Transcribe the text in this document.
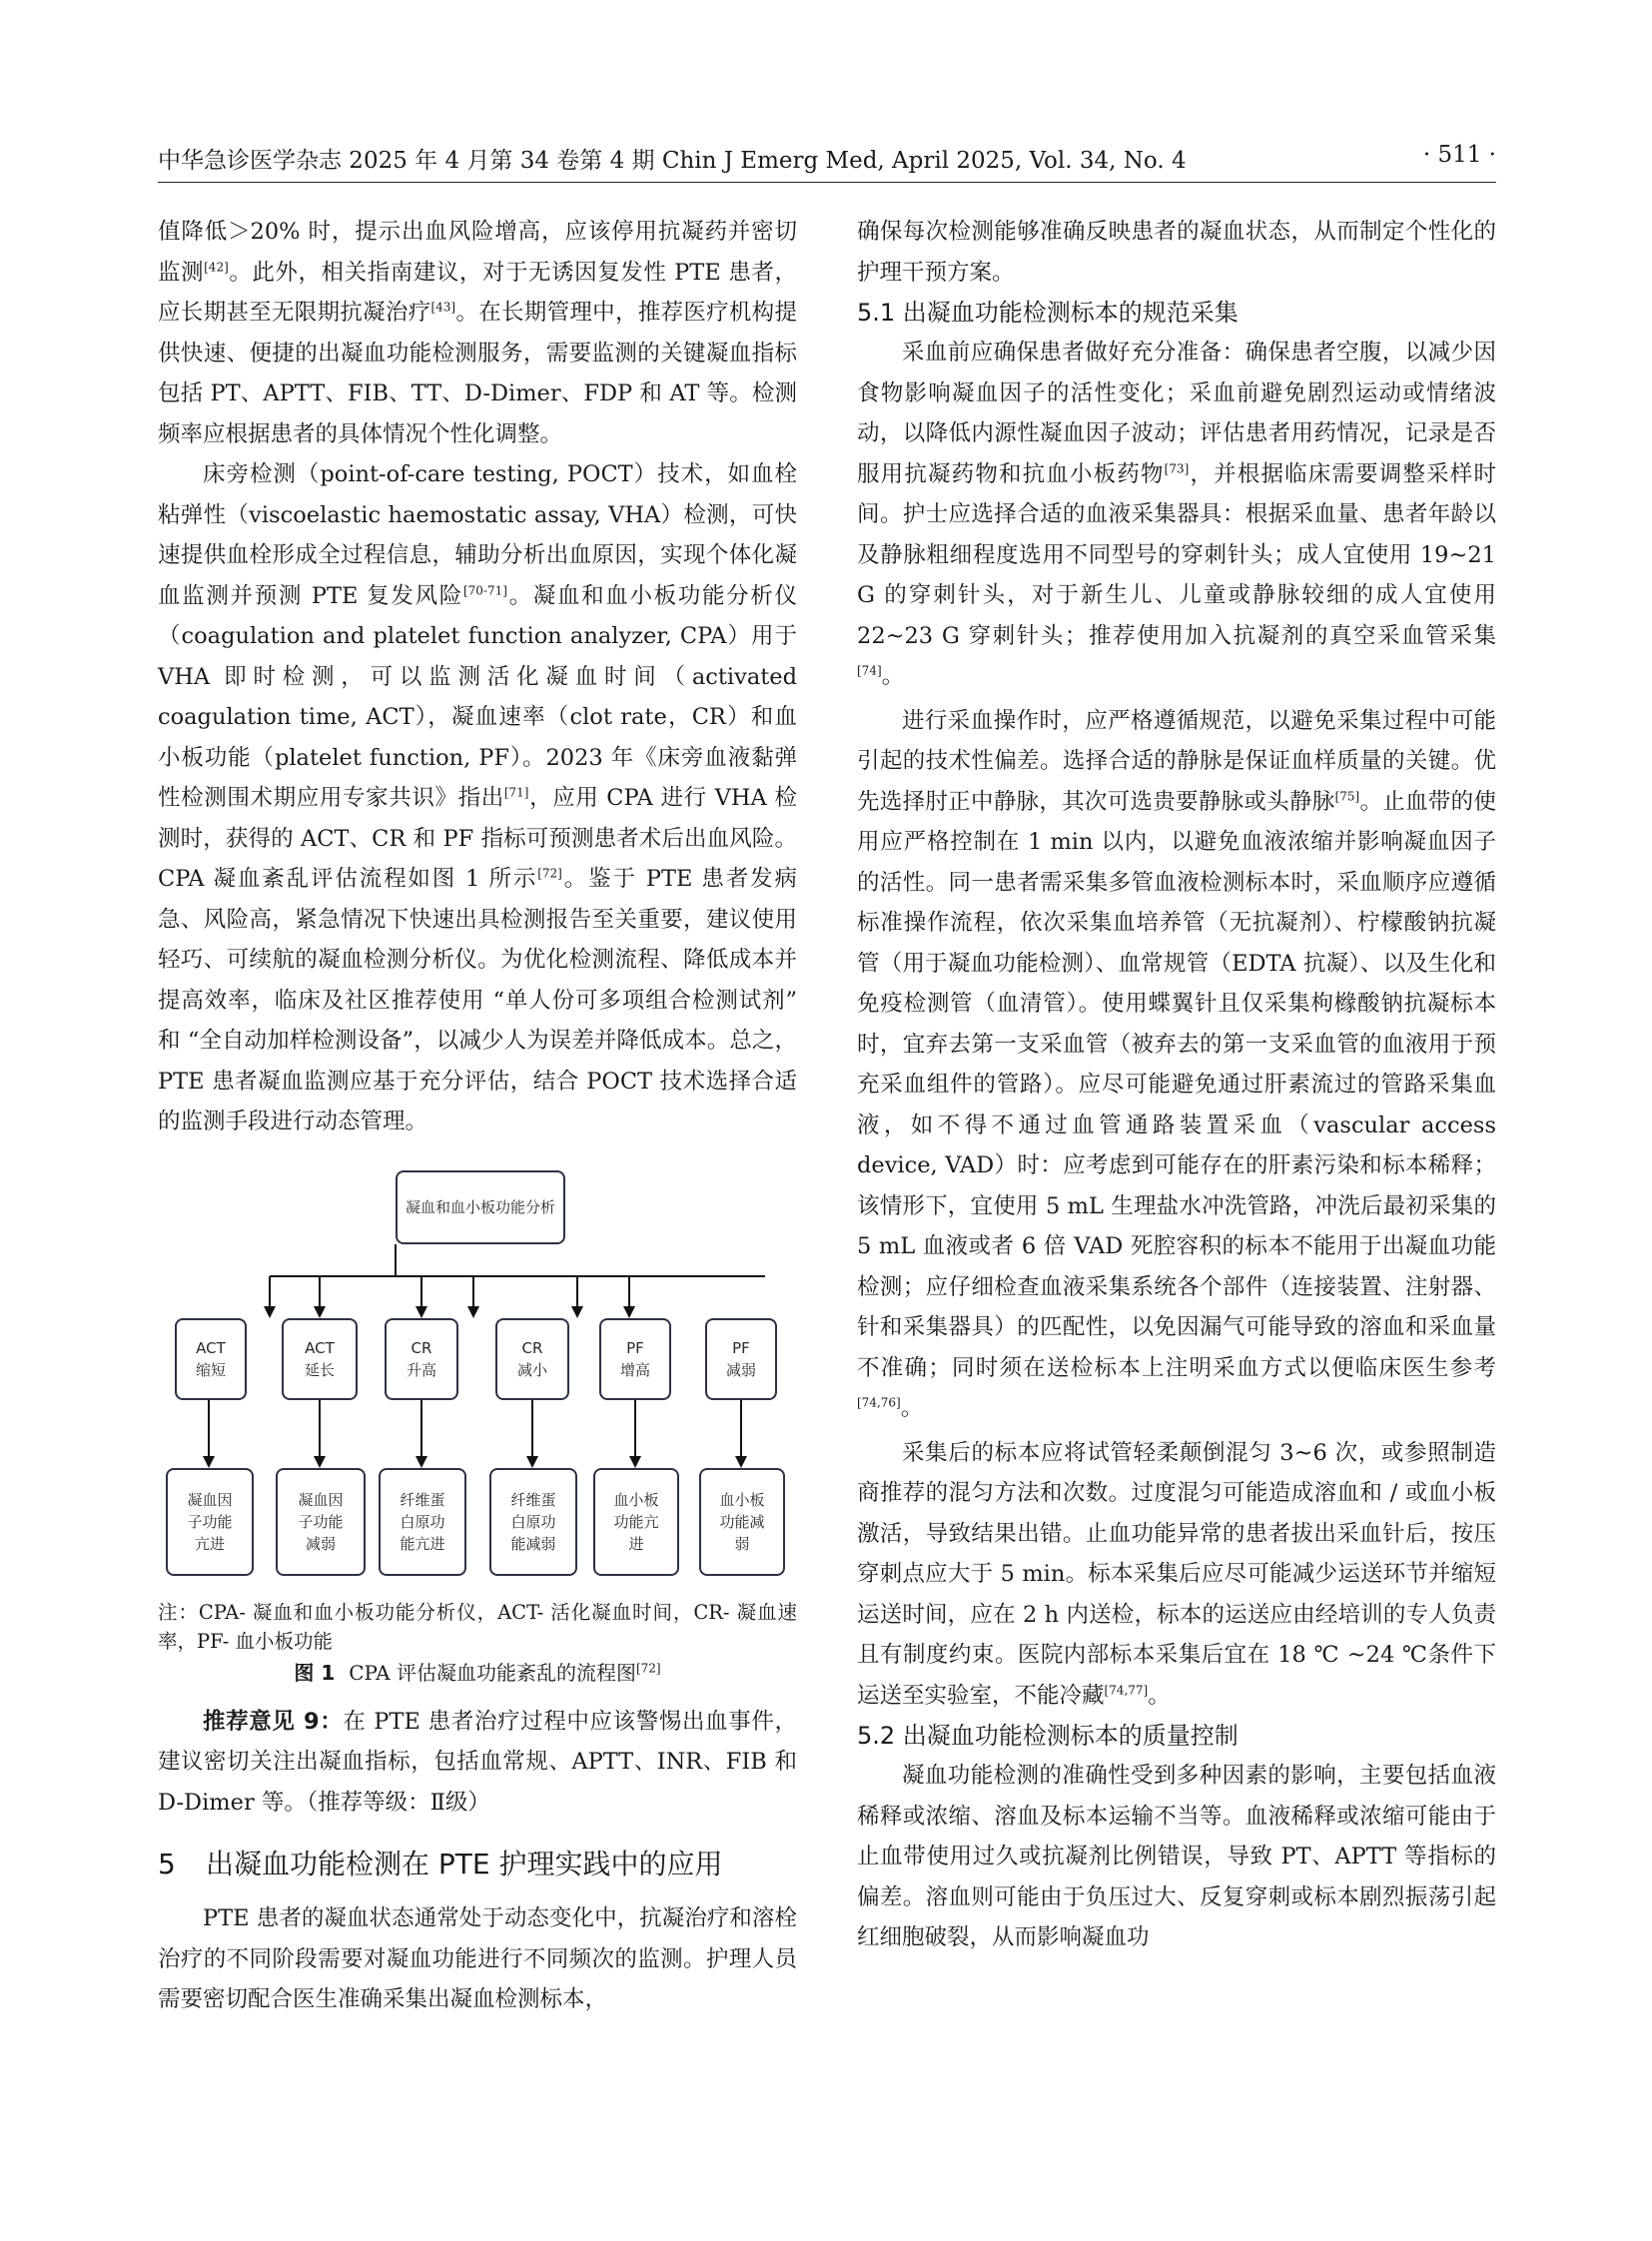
中华急诊医学杂志 2025 年 4 月第 34 卷第 4 期 Chin J Emerg Med, April 2025, Vol. 34, No. 4	· 511 ·

值降低＞20% 时，提示出血风险增高，应该停用抗凝药并密切监测[42]。此外，相关指南建议，对于无诱因复发性 PTE 患者，应长期甚至无限期抗凝治疗[43]。在长期管理中，推荐医疗机构提供快速、便捷的出凝血功能检测服务，需要监测的关键凝血指标包括 PT、APTT、FIB、TT、D-Dimer、FDP 和 AT 等。检测频率应根据患者的具体情况个性化调整。

床旁检测（point-of-care testing, POCT）技术，如血栓粘弹性（viscoelastic haemostatic assay, VHA）检测，可快速提供血栓形成全过程信息，辅助分析出血原因，实现个体化凝血监测并预测 PTE 复发风险[70-71]。凝血和血小板功能分析仪（coagulation and platelet function analyzer, CPA）用于 VHA 即时检测，可以监测活化凝血时间（activated coagulation time, ACT），凝血速率（clot rate，CR）和血小板功能（platelet function, PF）。2023 年《床旁血液黏弹性检测围术期应用专家共识》指出[71]，应用 CPA 进行 VHA 检测时，获得的 ACT、CR 和 PF 指标可预测患者术后出血风险。CPA 凝血紊乱评估流程如图 1 所示[72]。鉴于 PTE 患者发病急、风险高，紧急情况下快速出具检测报告至关重要，建议使用轻巧、可续航的凝血检测分析仪。为优化检测流程、降低成本并提高效率，临床及社区推荐使用 “单人份可多项组合检测试剂” 和 “全自动加样检测设备”，以减少人为误差并降低成本。总之，PTE 患者凝血监测应基于充分评估，结合 POCT 技术选择合适的监测手段进行动态管理。

凝血和血小板功能分析
ACT
缩短
ACT
延长
CR
升高
CR
减小
PF
增高
PF
减弱
凝血因
子功能
亢进
凝血因
子功能
减弱
纤维蛋
白原功
能亢进
纤维蛋
白原功
能减弱
血小板
功能亢
进
血小板
功能减
弱
注：CPA- 凝血和血小板功能分析仪，ACT- 活化凝血时间，CR- 凝血速率，PF- 血小板功能
图 1 CPA 评估凝血功能紊乱的流程图[72]

推荐意见 9：在 PTE 患者治疗过程中应该警惕出血事件，建议密切关注出凝血指标，包括血常规、APTT、INR、FIB 和 D-Dimer 等。（推荐等级：Ⅱ级）

5 出凝血功能检测在 PTE 护理实践中的应用

PTE 患者的凝血状态通常处于动态变化中，抗凝治疗和溶栓治疗的不同阶段需要对凝血功能进行不同频次的监测。护理人员需要密切配合医生准确采集出凝血检测标本，

确保每次检测能够准确反映患者的凝血状态，从而制定个性化的护理干预方案。

5.1 出凝血功能检测标本的规范采集

采血前应确保患者做好充分准备：确保患者空腹，以减少因食物影响凝血因子的活性变化；采血前避免剧烈运动或情绪波动，以降低内源性凝血因子波动；评估患者用药情况，记录是否服用抗凝药物和抗血小板药物[73]，并根据临床需要调整采样时间。护士应选择合适的血液采集器具：根据采血量、患者年龄以及静脉粗细程度选用不同型号的穿刺针头；成人宜使用 19~21 G 的穿刺针头，对于新生儿、儿童或静脉较细的成人宜使用 22~23 G 穿刺针头；推荐使用加入抗凝剂的真空采血管采集[74]。

进行采血操作时，应严格遵循规范，以避免采集过程中可能引起的技术性偏差。选择合适的静脉是保证血样质量的关键。优先选择肘正中静脉，其次可选贵要静脉或头静脉[75]。止血带的使用应严格控制在 1 min 以内，以避免血液浓缩并影响凝血因子的活性。同一患者需采集多管血液检测标本时，采血顺序应遵循标准操作流程，依次采集血培养管（无抗凝剂）、柠檬酸钠抗凝管（用于凝血功能检测）、血常规管（EDTA 抗凝）、以及生化和免疫检测管（血清管）。使用蝶翼针且仅采集枸橼酸钠抗凝标本时，宜弃去第一支采血管（被弃去的第一支采血管的血液用于预充采血组件的管路）。应尽可能避免通过肝素流过的管路采集血液，如不得不通过血管通路装置采血（vascular access device, VAD）时：应考虑到可能存在的肝素污染和标本稀释；该情形下，宜使用 5 mL 生理盐水冲洗管路，冲洗后最初采集的 5 mL 血液或者 6 倍 VAD 死腔容积的标本不能用于出凝血功能检测；应仔细检查血液采集系统各个部件（连接装置、注射器、针和采集器具）的匹配性，以免因漏气可能导致的溶血和采血量不准确；同时须在送检标本上注明采血方式以便临床医生参考[74,76]。

采集后的标本应将试管轻柔颠倒混匀 3~6 次，或参照制造商推荐的混匀方法和次数。过度混匀可能造成溶血和 / 或血小板激活，导致结果出错。止血功能异常的患者拔出采血针后，按压穿刺点应大于 5 min。标本采集后应尽可能减少运送环节并缩短运送时间，应在 2 h 内送检，标本的运送应由经培训的专人负责且有制度约束。医院内部标本采集后宜在 18 ℃ ~24 ℃条件下运送至实验室，不能冷藏[74,77]。

5.2 出凝血功能检测标本的质量控制

凝血功能检测的准确性受到多种因素的影响，主要包括血液稀释或浓缩、溶血及标本运输不当等。血液稀释或浓缩可能由于止血带使用过久或抗凝剂比例错误，导致 PT、APTT 等指标的偏差。溶血则可能由于负压过大、反复穿刺或标本剧烈振荡引起红细胞破裂，从而影响凝血功
